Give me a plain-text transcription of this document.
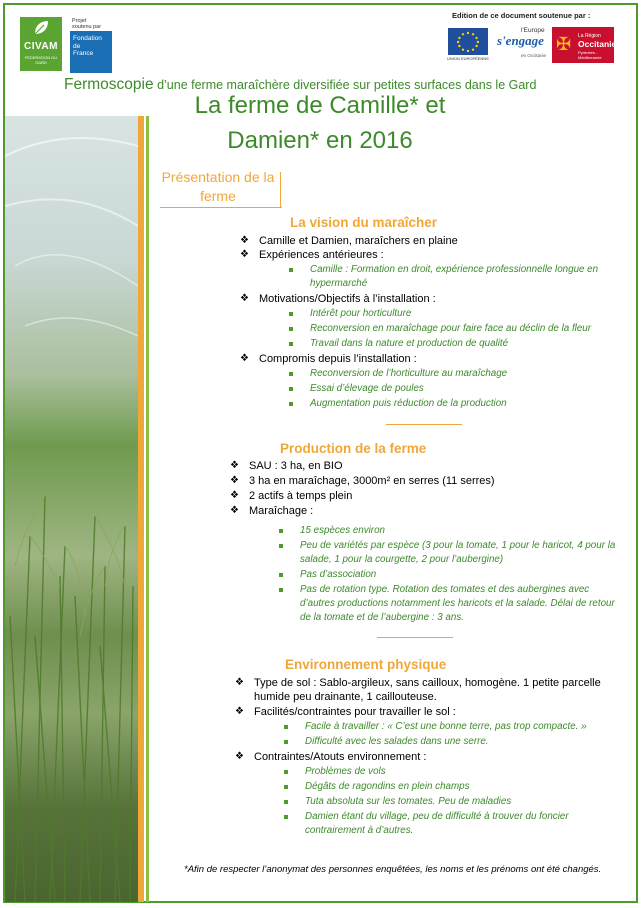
CIVAM
FEDERATION DU GARD
Projet
soutenu par
Fondation
de
France
Edition de ce document soutenue par :
UNION EUROPÉENNE
l'Europe
s'engage
en Occitanie
✠ La Région
Occitanie
Pyrénées - Méditerranée
Fermoscopie d’une ferme maraîchère diversifiée sur petites surfaces dans le Gard
La ferme de Camille* et
Damien* en 2016
Présentation de la
ferme
La vision du maraîcher
❖ Camille et Damien, maraîchers en plaine
❖ Expériences antérieures :
Camille : Formation en droit, expérience professionnelle longue en hypermarché
❖ Motivations/Objectifs à l’installation :
Intérêt pour horticulture
Reconversion en maraîchage pour faire face au déclin de la fleur
Travail dans la nature et production de qualité
❖ Compromis depuis l’installation :
Reconversion de l’horticulture au maraîchage
Essai d’élevage de poules
Augmentation puis réduction de la production
Production de la ferme
❖ SAU : 3 ha, en BIO
❖ 3 ha en maraîchage, 3000m² en serres (11 serres)
❖ 2 actifs à temps plein
❖ Maraîchage :
15 espèces environ
Peu de variétés par espèce (3 pour la tomate, 1 pour le haricot, 4 pour la salade, 1 pour la courgette, 2 pour l’aubergine)
Pas d’association
Pas de rotation type. Rotation des tomates et des aubergines avec d’autres productions notamment les haricots et la salade. Délai de retour de la tomate et de l’aubergine : 3 ans.
Environnement physique
❖ Type de sol : Sablo-argileux, sans cailloux, homogène. 1 petite parcelle humide peu drainante, 1 caillouteuse.
❖ Facilités/contraintes pour travailler le sol :
Facile à travailler : « C’est une bonne terre, pas trop compacte. »
Difficulté avec les salades dans une serre.
❖ Contraintes/Atouts environnement :
Problèmes de vols
Dégâts de ragondins en plein champs
Tuta absoluta sur les tomates. Peu de maladies
Damien étant du village, peu de difficulté à trouver du foncier contrairement à d’autres.
*Afin de respecter l’anonymat des personnes enquêtées, les noms et les prénoms ont été changés.
